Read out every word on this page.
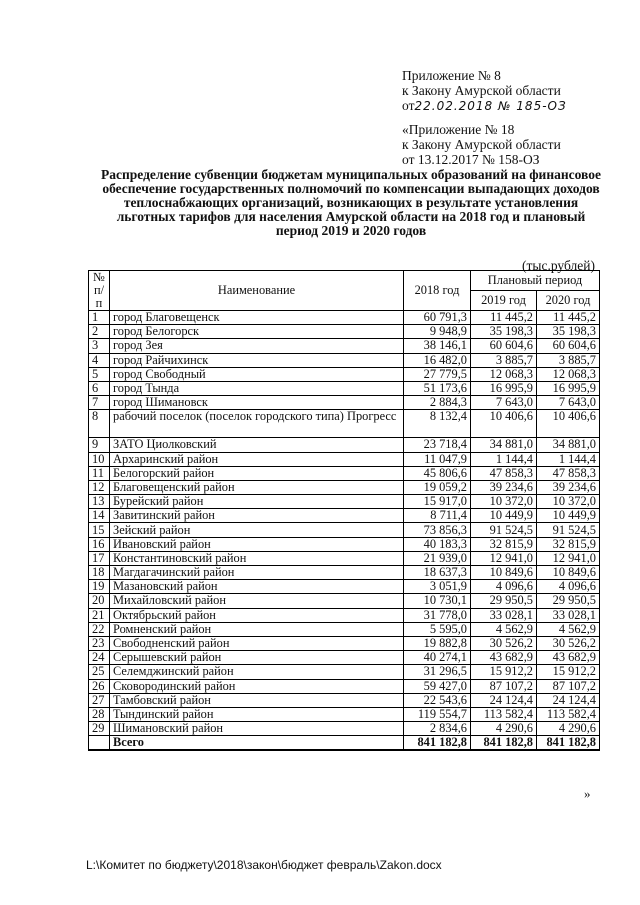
Приложение № 8
к Закону Амурской области
от22.02.2018 № 185-ОЗ
«Приложение № 18
к Закону Амурской области
от 13.12.2017 № 158-ОЗ
Распределение субвенции бюджетам муниципальных образований на финансовое обеспечение государственных полномочий по компенсации выпадающих доходов теплоснабжающих организаций, возникающих в результате установления льготных тарифов для населения Амурской области на 2018 год и плановый период 2019 и 2020 годов
(тыс.рублей)
№ п/п	Наименование	2018 год	Плановый период	
			2019 год	2020 год
1	город Благовещенск	60 791,3	11 445,2	11 445,2
2	город Белогорск	9 948,9	35 198,3	35 198,3
3	город Зея	38 146,1	60 604,6	60 604,6
4	город Райчихинск	16 482,0	3 885,7	3 885,7
5	город Свободный	27 779,5	12 068,3	12 068,3
6	город Тында	51 173,6	16 995,9	16 995,9
7	город Шимановск	2 884,3	7 643,0	7 643,0
8	рабочий поселок (поселок городского типа) Прогресс	8 132,4	10 406,6	10 406,6
9	ЗАТО Циолковский	23 718,4	34 881,0	34 881,0
10	Архаринский район	11 047,9	1 144,4	1 144,4
11	Белогорский район	45 806,6	47 858,3	47 858,3
12	Благовещенский район	19 059,2	39 234,6	39 234,6
13	Бурейский район	15 917,0	10 372,0	10 372,0
14	Завитинский район	8 711,4	10 449,9	10 449,9
15	Зейский район	73 856,3	91 524,5	91 524,5
16	Ивановский район	40 183,3	32 815,9	32 815,9
17	Константиновский район	21 939,0	12 941,0	12 941,0
18	Магдагачинский район	18 637,3	10 849,6	10 849,6
19	Мазановский район	3 051,9	4 096,6	4 096,6
20	Михайловский район	10 730,1	29 950,5	29 950,5
21	Октябрьский район	31 778,0	33 028,1	33 028,1
22	Ромненский район	5 595,0	4 562,9	4 562,9
23	Свободненский район	19 882,8	30 526,2	30 526,2
24	Серышевский район	40 274,1	43 682,9	43 682,9
25	Селемджинский район	31 296,5	15 912,2	15 912,2
26	Сковородинский район	59 427,0	87 107,2	87 107,2
27	Тамбовский район	22 543,6	24 124,4	24 124,4
28	Тындинский район	119 554,7	113 582,4	113 582,4
29	Шимановский район	2 834,6	4 290,6	4 290,6
	Всего	841 182,8	841 182,8	841 182,8
»
L:\Комитет по бюджету\2018\закон\бюджет февраль\Zakon.docx
